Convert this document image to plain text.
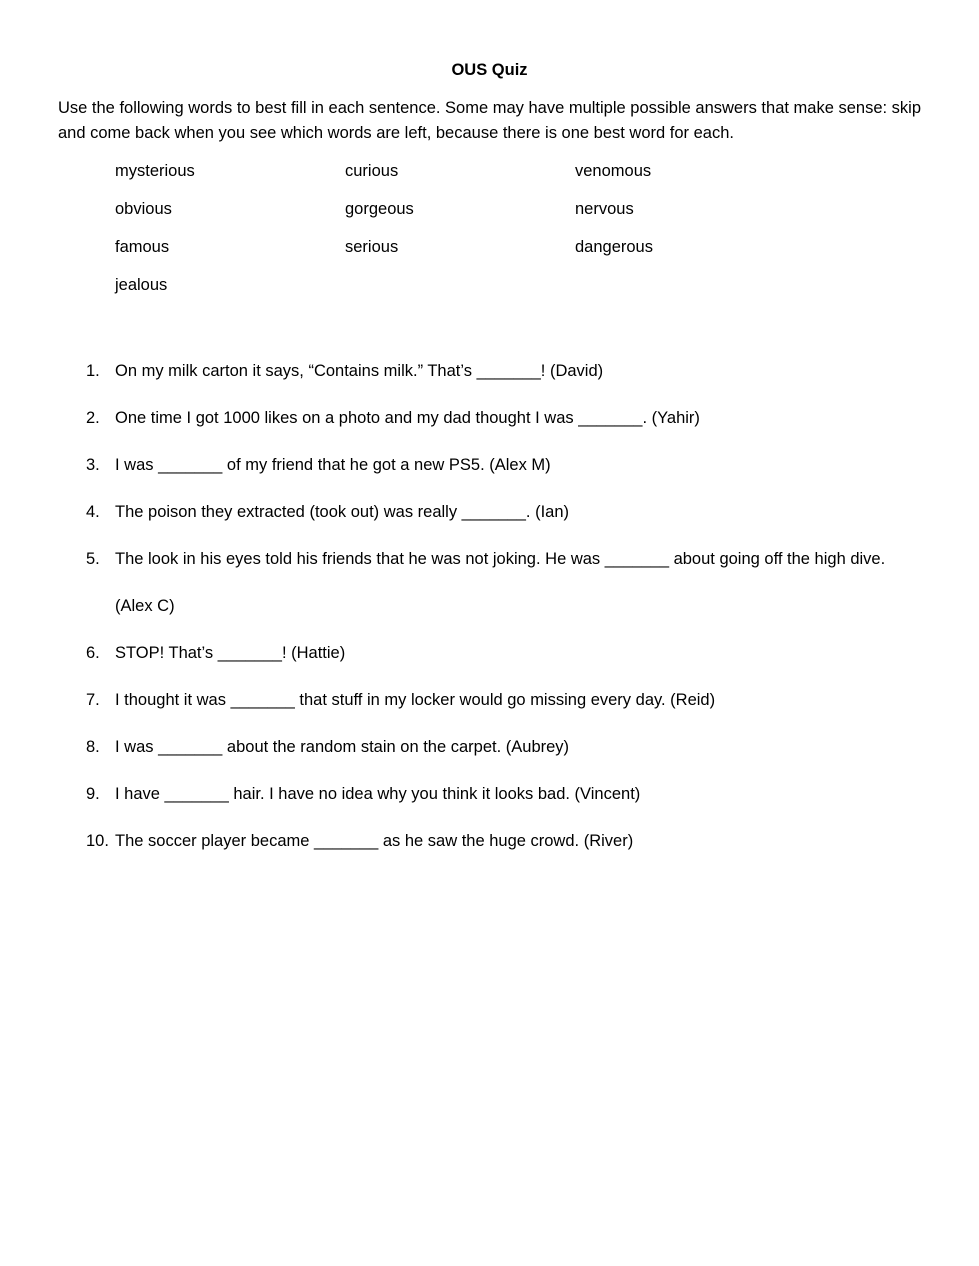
OUS Quiz
Use the following words to best fill in each sentence. Some may have multiple possible answers that make sense: skip and come back when you see which words are left, because there is one best word for each.
mysterious	curious	venomous
obvious	gorgeous	nervous
famous	serious	dangerous
jealous
1. On my milk carton it says, “Contains milk.” That’s _______! (David)
2. One time I got 1000 likes on a photo and my dad thought I was _______. (Yahir)
3. I was _______ of my friend that he got a new PS5. (Alex M)
4. The poison they extracted (took out) was really _______. (Ian)
5. The look in his eyes told his friends that he was not joking. He was _______ about going off the high dive. (Alex C)
6. STOP! That’s _______! (Hattie)
7. I thought it was _______ that stuff in my locker would go missing every day. (Reid)
8. I was _______ about the random stain on the carpet. (Aubrey)
9. I have _______ hair. I have no idea why you think it looks bad. (Vincent)
10. The soccer player became _______ as he saw the huge crowd. (River)
